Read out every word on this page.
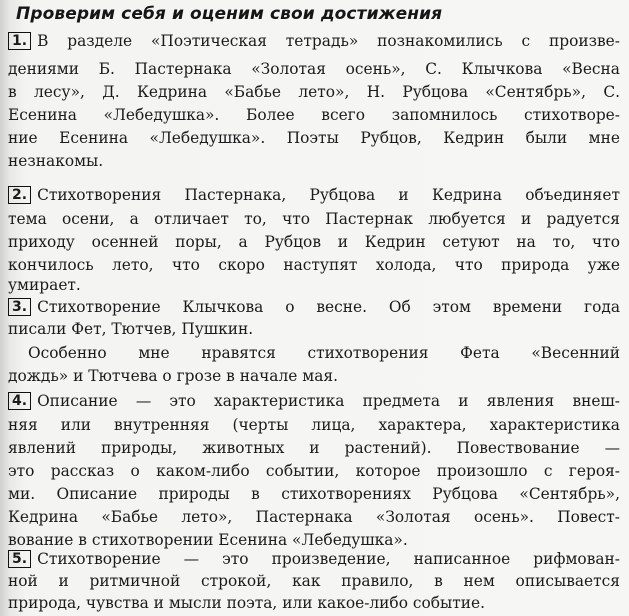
Проверим себя и оценим свои достижения
1. В разделе «Поэтическая тетрадь» познакомились с произве-
дениями Б. Пастернака «Золотая осень», С. Клычкова «Весна
в лесу», Д. Кедрина «Бабье лето», Н. Рубцова «Сентябрь», С.
Есенина «Лебедушка». Более всего запомнилось стихотворе-
ние Есенина «Лебедушка». Поэты Рубцов, Кедрин были мне
незнакомы.
2. Стихотворения Пастернака, Рубцова и Кедрина объединяет
тема осени, а отличает то, что Пастернак любуется и радуется
приходу осенней поры, а Рубцов и Кедрин сетуют на то, что
кончилось лето, что скоро наступят холода, что природа уже
умирает.
3. Стихотворение Клычкова о весне. Об этом времени года
писали Фет, Тютчев, Пушкин.
Особенно мне нравятся стихотворения Фета «Весенний
дождь» и Тютчева о грозе в начале мая.
4. Описание — это характеристика предмета и явления внеш-
няя или внутренняя (черты лица, характера, характеристика
явлений природы, животных и растений). Повествование —
это рассказ о каком-либо событии, которое произошло с героя-
ми. Описание природы в стихотворениях Рубцова «Сентябрь»,
Кедрина «Бабье лето», Пастернака «Золотая осень». Повест-
вование в стихотворении Есенина «Лебедушка».
5. Стихотворение — это произведение, написанное рифмован-
ной и ритмичной строкой, как правило, в нем описывается
природа, чувства и мысли поэта, или какое-либо событие.
